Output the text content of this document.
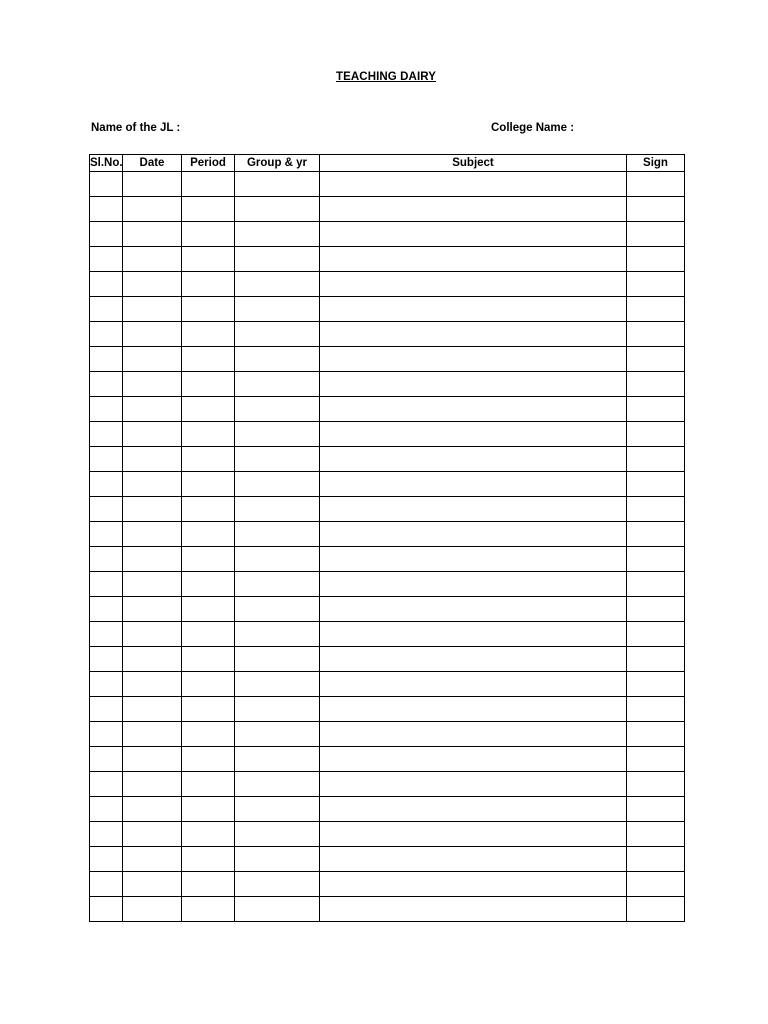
TEACHING DAIRY
Name of the JL :	College Name :
Sl.No.	Date	Period	Group & yr	Subject	Sign
